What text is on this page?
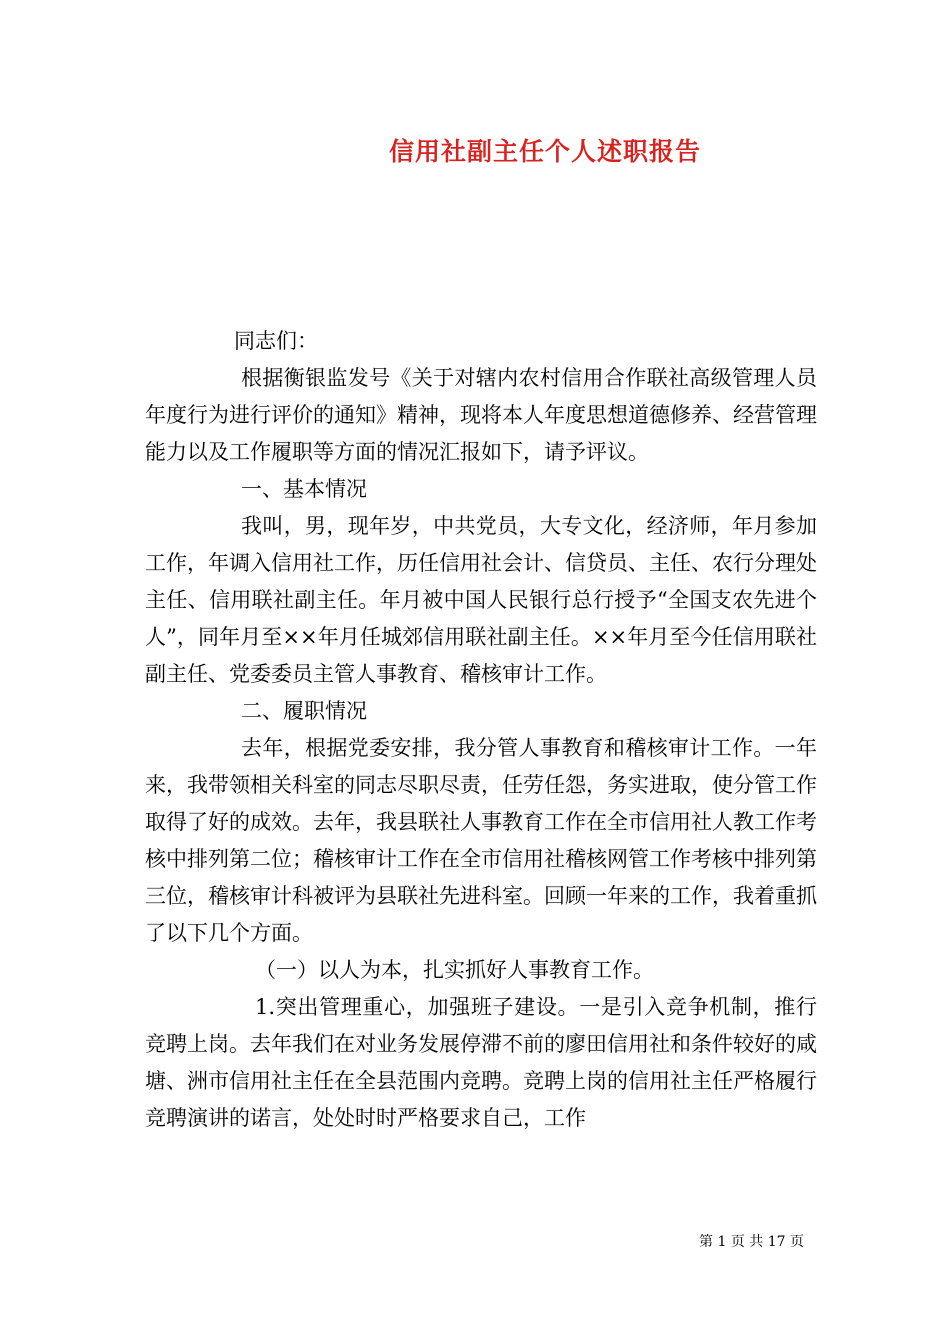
信用社副主任个人述职报告

同志们：

根据衡银监发号《关于对辖内农村信用合作联社高级管理人员年度行为进行评价的通知》精神，现将本人年度思想道德修养、经营管理能力以及工作履职等方面的情况汇报如下，请予评议。

一、基本情况

我叫，男，现年岁，中共党员，大专文化，经济师，年月参加工作，年调入信用社工作，历任信用社会计、信贷员、主任、农行分理处主任、信用联社副主任。年月被中国人民银行总行授予“全国支农先进个人”，同年月至××年月任城郊信用联社副主任。××年月至今任信用联社副主任、党委委员主管人事教育、稽核审计工作。

二、履职情况

去年，根据党委安排，我分管人事教育和稽核审计工作。一年来，我带领相关科室的同志尽职尽责，任劳任怨，务实进取，使分管工作取得了好的成效。去年，我县联社人事教育工作在全市信用社人教工作考核中排列第二位；稽核审计工作在全市信用社稽核网管工作考核中排列第三位，稽核审计科被评为县联社先进科室。回顾一年来的工作，我着重抓了以下几个方面。

（一）以人为本，扎实抓好人事教育工作。

1.突出管理重心，加强班子建设。一是引入竞争机制，推行竞聘上岗。去年我们在对业务发展停滞不前的廖田信用社和条件较好的咸塘、洲市信用社主任在全县范围内竞聘。竞聘上岗的信用社主任严格履行竞聘演讲的诺言，处处时时严格要求自己，工作

第 1 页 共 17 页
